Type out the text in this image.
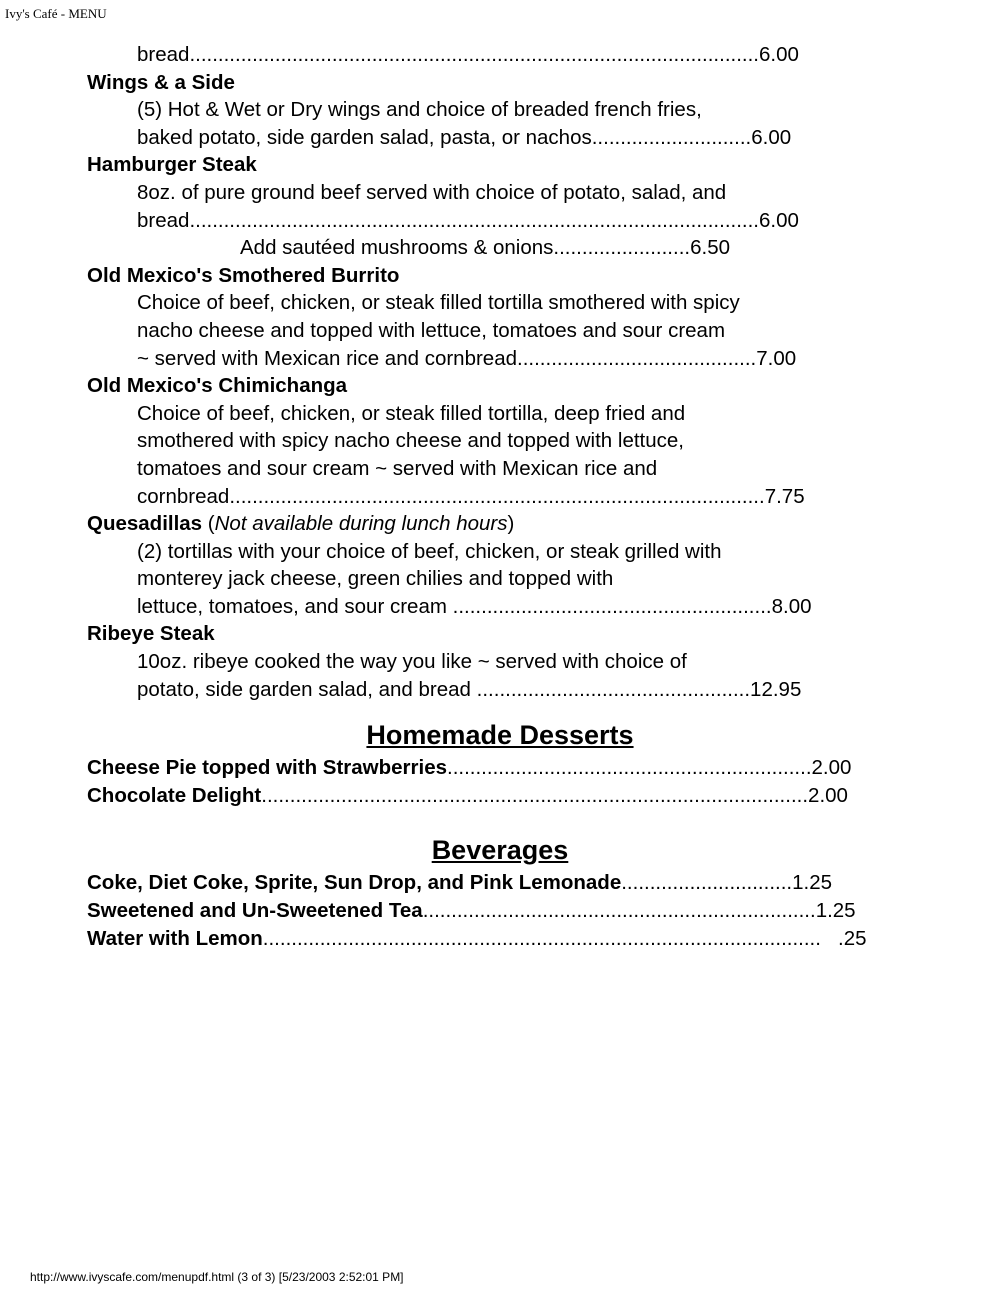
Ivy's Café - MENU
bread....................................................................................................6.00
Wings & a Side
(5) Hot & Wet or Dry wings and choice of breaded french fries,
baked potato, side garden salad, pasta, or nachos............................6.00
Hamburger Steak
8oz. of pure ground beef served with choice of potato, salad, and
bread....................................................................................................6.00
Add sautéed mushrooms & onions........................6.50
Old Mexico's Smothered Burrito
Choice of beef, chicken, or steak filled tortilla smothered with spicy
nacho cheese and topped with lettuce, tomatoes and sour cream
~ served with Mexican rice and cornbread..........................................7.00
Old Mexico's Chimichanga
Choice of beef, chicken, or steak filled tortilla, deep fried and
smothered with spicy nacho cheese and topped with lettuce,
tomatoes and sour cream ~ served with Mexican rice and
cornbread..............................................................................................7.75
Quesadillas (Not available during lunch hours)
(2) tortillas with your choice of beef, chicken, or steak grilled with
monterey jack cheese, green chilies and topped with
lettuce, tomatoes, and sour cream ........................................................8.00
Ribeye Steak
10oz. ribeye cooked the way you like ~ served with choice of
potato, side garden salad, and bread ................................................12.95
Homemade Desserts
Cheese Pie topped with Strawberries................................................................2.00
Chocolate Delight................................................................................................2.00
Beverages
Coke, Diet Coke, Sprite, Sun Drop, and Pink Lemonade..............................1.25
Sweetened and Un-Sweetened Tea.....................................................................1.25
Water with Lemon..................................................................................................   .25
http://www.ivyscafe.com/menupdf.html (3 of 3) [5/23/2003 2:52:01 PM]
